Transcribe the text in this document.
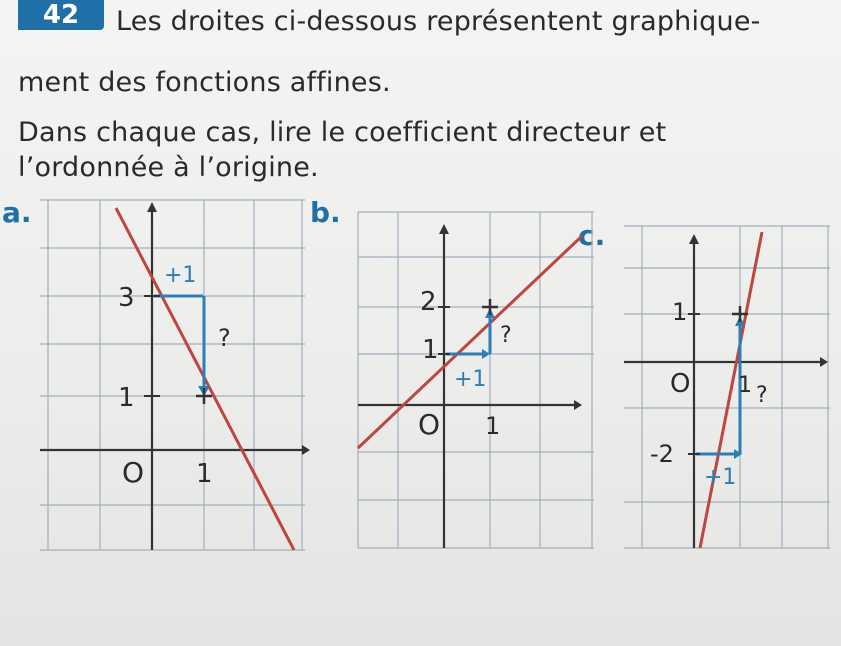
42	Les droites ci-dessous représentent graphique-
ment des fonctions affines.
Dans chaque cas, lire le coefficient directeur et
l’ordonnée à l’origine.
a.	b.
c.
3
1
O 1
+1
?
2
1
O 1
+1
?
1
-2
O 1
+1
?
